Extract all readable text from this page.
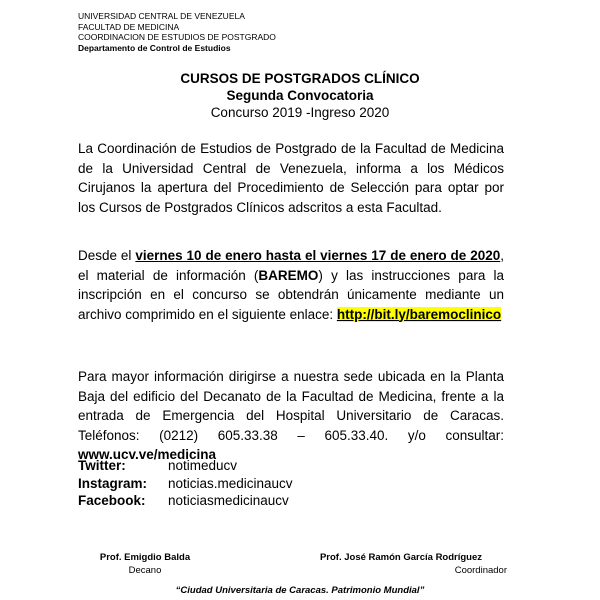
UNIVERSIDAD CENTRAL DE VENEZUELA
FACULTAD DE MEDICINA
COORDINACION DE ESTUDIOS DE POSTGRADO
Departamento de Control de Estudios
CURSOS DE POSTGRADOS CLÍNICO
Segunda Convocatoria
Concurso 2019 -Ingreso 2020
La Coordinación de Estudios de Postgrado de la Facultad de Medicina de la Universidad Central de Venezuela, informa a los Médicos Cirujanos la apertura del Procedimiento de Selección para optar por los Cursos de Postgrados Clínicos adscritos a esta Facultad.
Desde el viernes 10 de enero hasta el viernes 17 de enero de 2020, el material de información (BAREMO) y las instrucciones para la inscripción en el concurso se obtendrán únicamente mediante un archivo comprimido en el siguiente enlace: http://bit.ly/baremoclinico
Para mayor información dirigirse a nuestra sede ubicada en la Planta Baja del edificio del Decanato de la Facultad de Medicina, frente a la entrada de Emergencia del Hospital Universitario de Caracas. Teléfonos: (0212) 605.33.38 – 605.33.40. y/o consultar: www.ucv.ve/medicina
Twitter:	notimeducv
Instagram:	noticias.medicinaucv
Facebook:	noticiasmedicinaucv
Prof. Emigdio Balda
Decano
Prof. José Ramón García Rodríguez
Coordinador
“Ciudad Universitaria de Caracas. Patrimonio Mundial”
